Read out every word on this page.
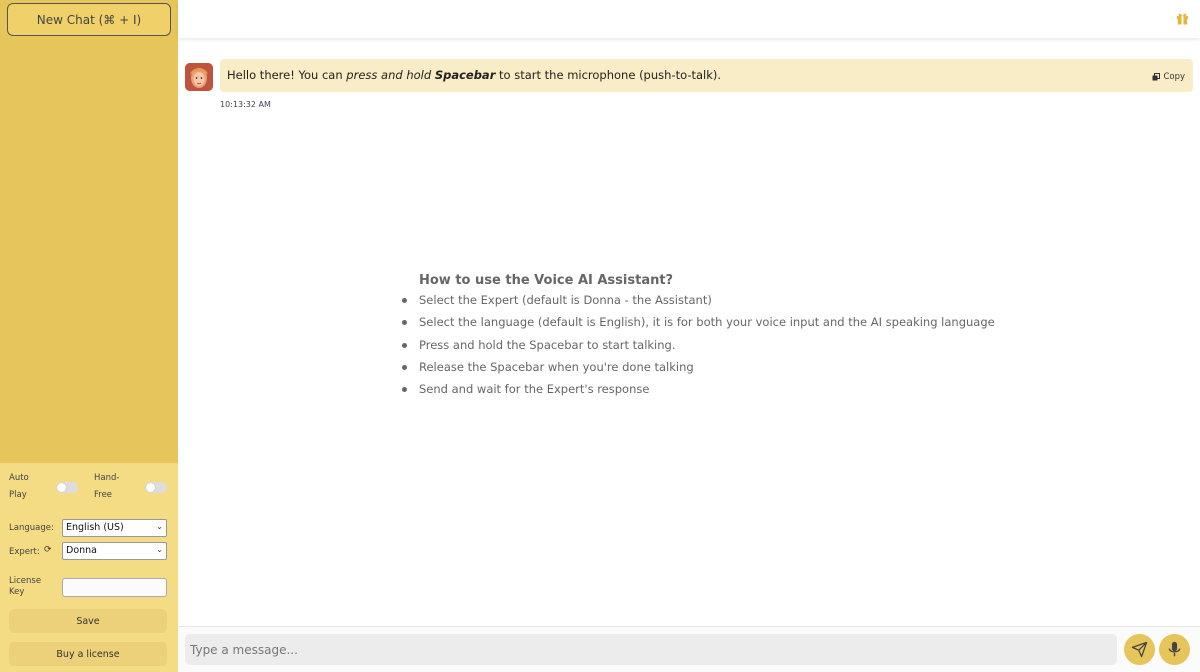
New Chat (⌘ + I)
Auto
Play
Hand-
Free
Language:	English (US)	⌄
Expert: ⟳	Donna	⌄
License
Key
Save
Buy a license
Hello there! You can press and hold Spacebar to start the microphone (push-to-talk).	Copy
10:13:32 AM
How to use the Voice AI Assistant?
Select the Expert (default is Donna - the Assistant)
Select the language (default is English), it is for both your voice input and the AI speaking language
Press and hold the Spacebar to start talking.
Release the Spacebar when you're done talking
Send and wait for the Expert's response
Type a message...
